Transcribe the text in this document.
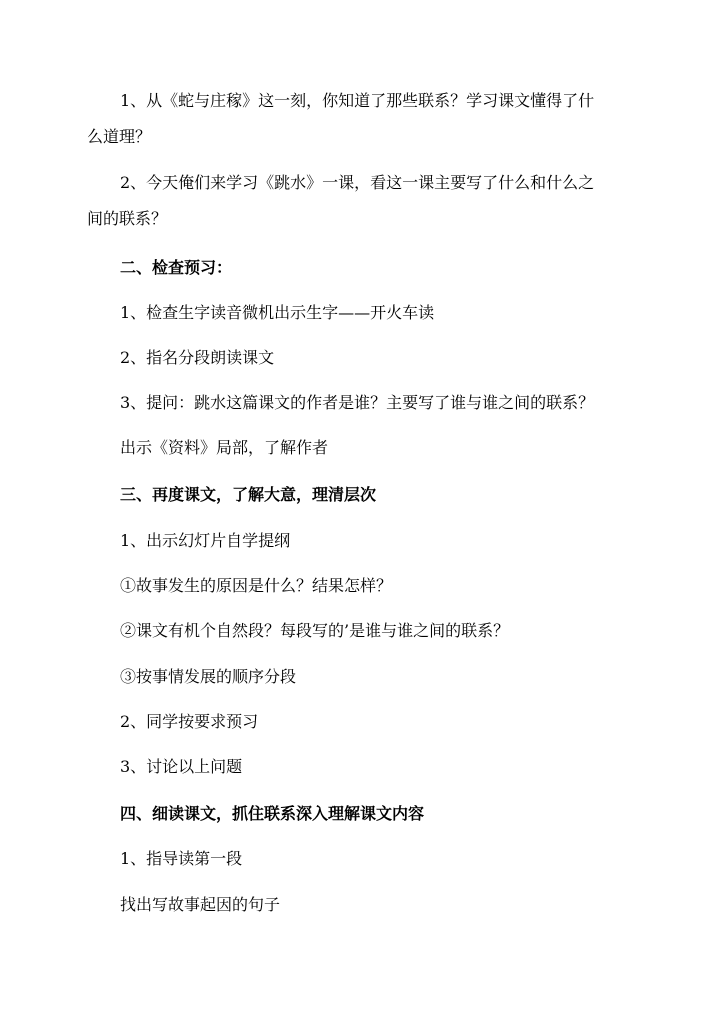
1、从《蛇与庄稼》这一刻，你知道了那些联系？学习课文懂得了什
么道理？
2、今天俺们来学习《跳水》一课，看这一课主要写了什么和什么之
间的联系？
二、检查预习：
1、检查生字读音微机出示生字——开火车读
2、指名分段朗读课文
3、提问：跳水这篇课文的作者是谁？主要写了谁与谁之间的联系？
出示《资料》局部，了解作者
三、再度课文，了解大意，理清层次
1、出示幻灯片自学提纲
①故事发生的原因是什么？结果怎样？
②课文有机个自然段？每段写的’是谁与谁之间的联系？
③按事情发展的顺序分段
2、同学按要求预习
3、讨论以上问题
四、细读课文，抓住联系深入理解课文内容
1、指导读第一段
找出写故事起因的句子
